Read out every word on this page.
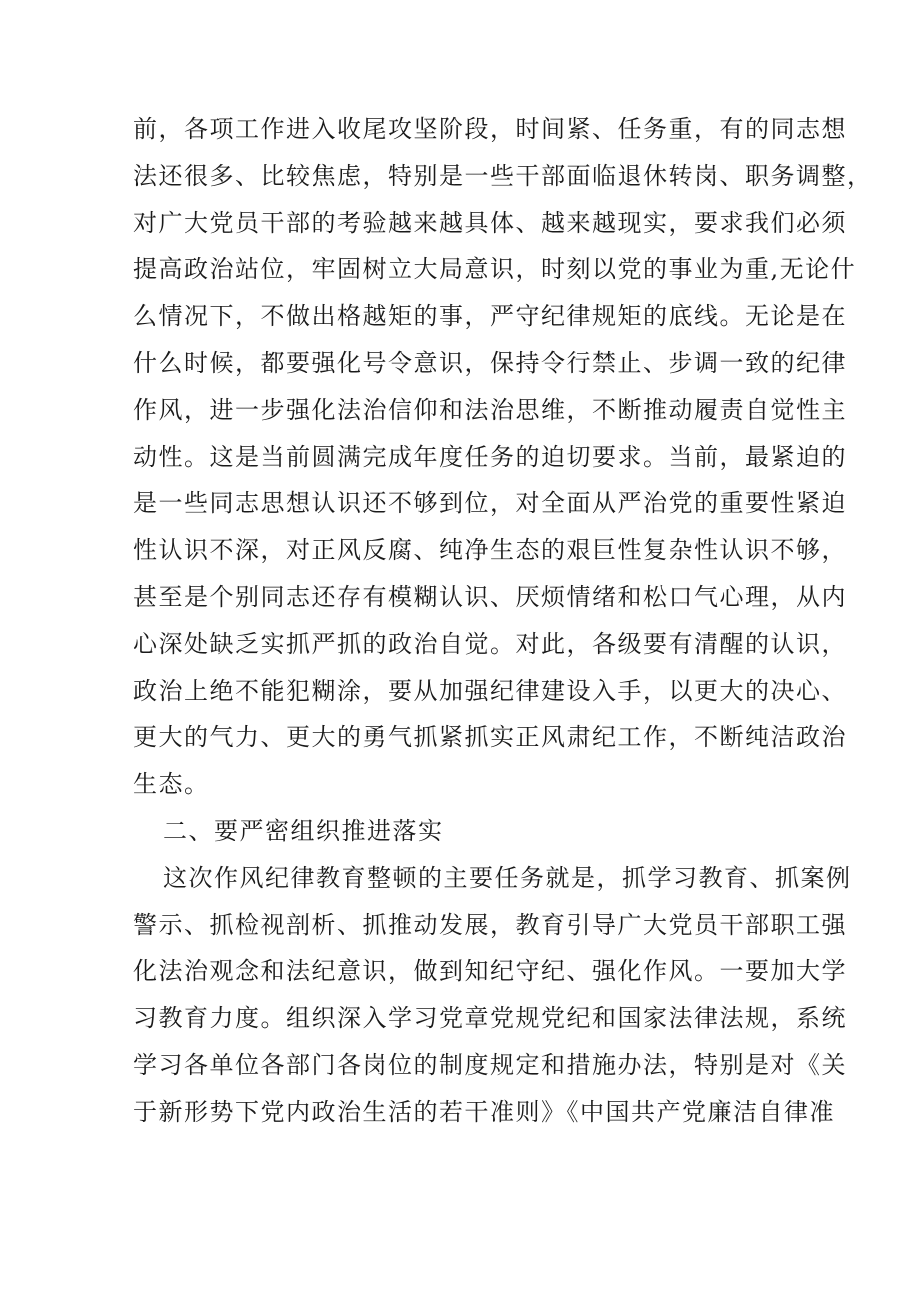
前，各项工作进入收尾攻坚阶段，时间紧、任务重，有的同志想
法还很多、比较焦虑，特别是一些干部面临退休转岗、职务调整，
对广大党员干部的考验越来越具体、越来越现实，要求我们必须
提高政治站位，牢固树立大局意识，时刻以党的事业为重,无论什
么情况下，不做出格越矩的事，严守纪律规矩的底线。无论是在
什么时候，都要强化号令意识，保持令行禁止、步调一致的纪律
作风，进一步强化法治信仰和法治思维，不断推动履责自觉性主
动性。这是当前圆满完成年度任务的迫切要求。当前，最紧迫的
是一些同志思想认识还不够到位，对全面从严治党的重要性紧迫
性认识不深，对正风反腐、纯净生态的艰巨性复杂性认识不够，
甚至是个别同志还存有模糊认识、厌烦情绪和松口气心理，从内
心深处缺乏实抓严抓的政治自觉。对此，各级要有清醒的认识，
政治上绝不能犯糊涂，要从加强纪律建设入手，以更大的决心、
更大的气力、更大的勇气抓紧抓实正风肃纪工作，不断纯洁政治
生态。
二、要严密组织推进落实
这次作风纪律教育整顿的主要任务就是，抓学习教育、抓案例
警示、抓检视剖析、抓推动发展，教育引导广大党员干部职工强
化法治观念和法纪意识，做到知纪守纪、强化作风。一要加大学
习教育力度。组织深入学习党章党规党纪和国家法律法规，系统
学习各单位各部门各岗位的制度规定和措施办法，特别是对《关
于新形势下党内政治生活的若干准则》《中国共产党廉洁自律准
